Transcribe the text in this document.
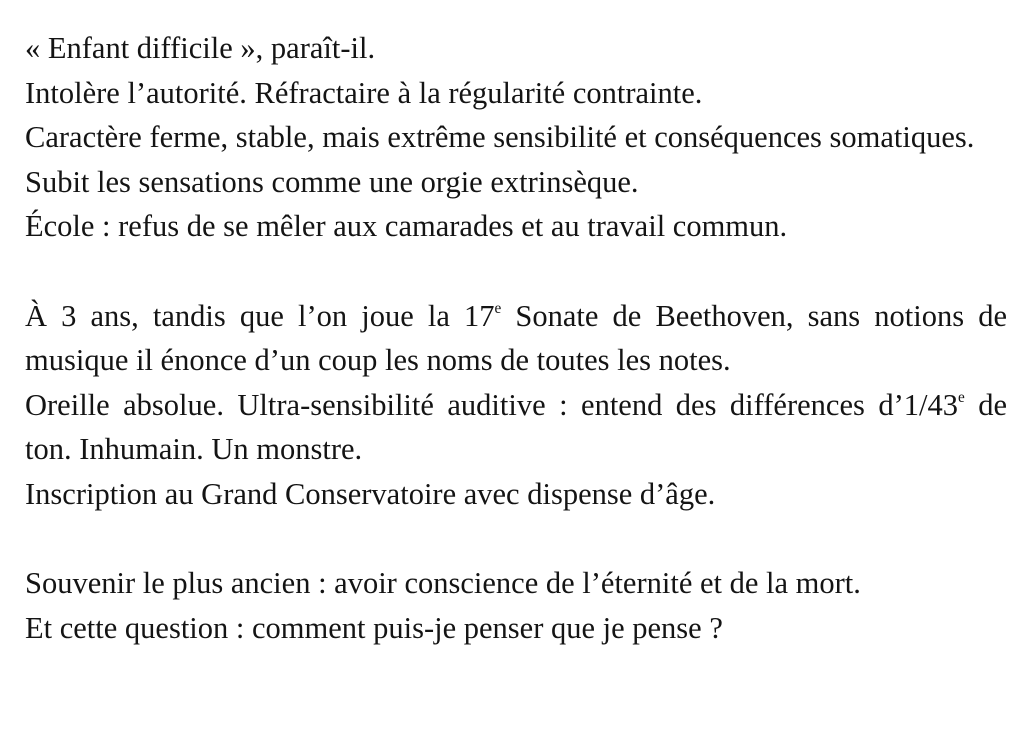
« Enfant difficile », paraît-il.
Intolère l’autorité. Réfractaire à la régularité contrainte.
Caractère ferme, stable, mais extrême sensibilité et conséquences somatiques.
Subit les sensations comme une orgie extrinsèque.
École : refus de se mêler aux camarades et au travail commun.
À 3 ans, tandis que l’on joue la 17e Sonate de Beethoven, sans notions de musique il énonce d’un coup les noms de toutes les notes.
Oreille absolue. Ultra-sensibilité auditive : entend des différences d’1/43e de ton. Inhumain. Un monstre.
Inscription au Grand Conservatoire avec dispense d’âge.
Souvenir le plus ancien : avoir conscience de l’éternité et de la mort.
Et cette question : comment puis-je penser que je pense ?
